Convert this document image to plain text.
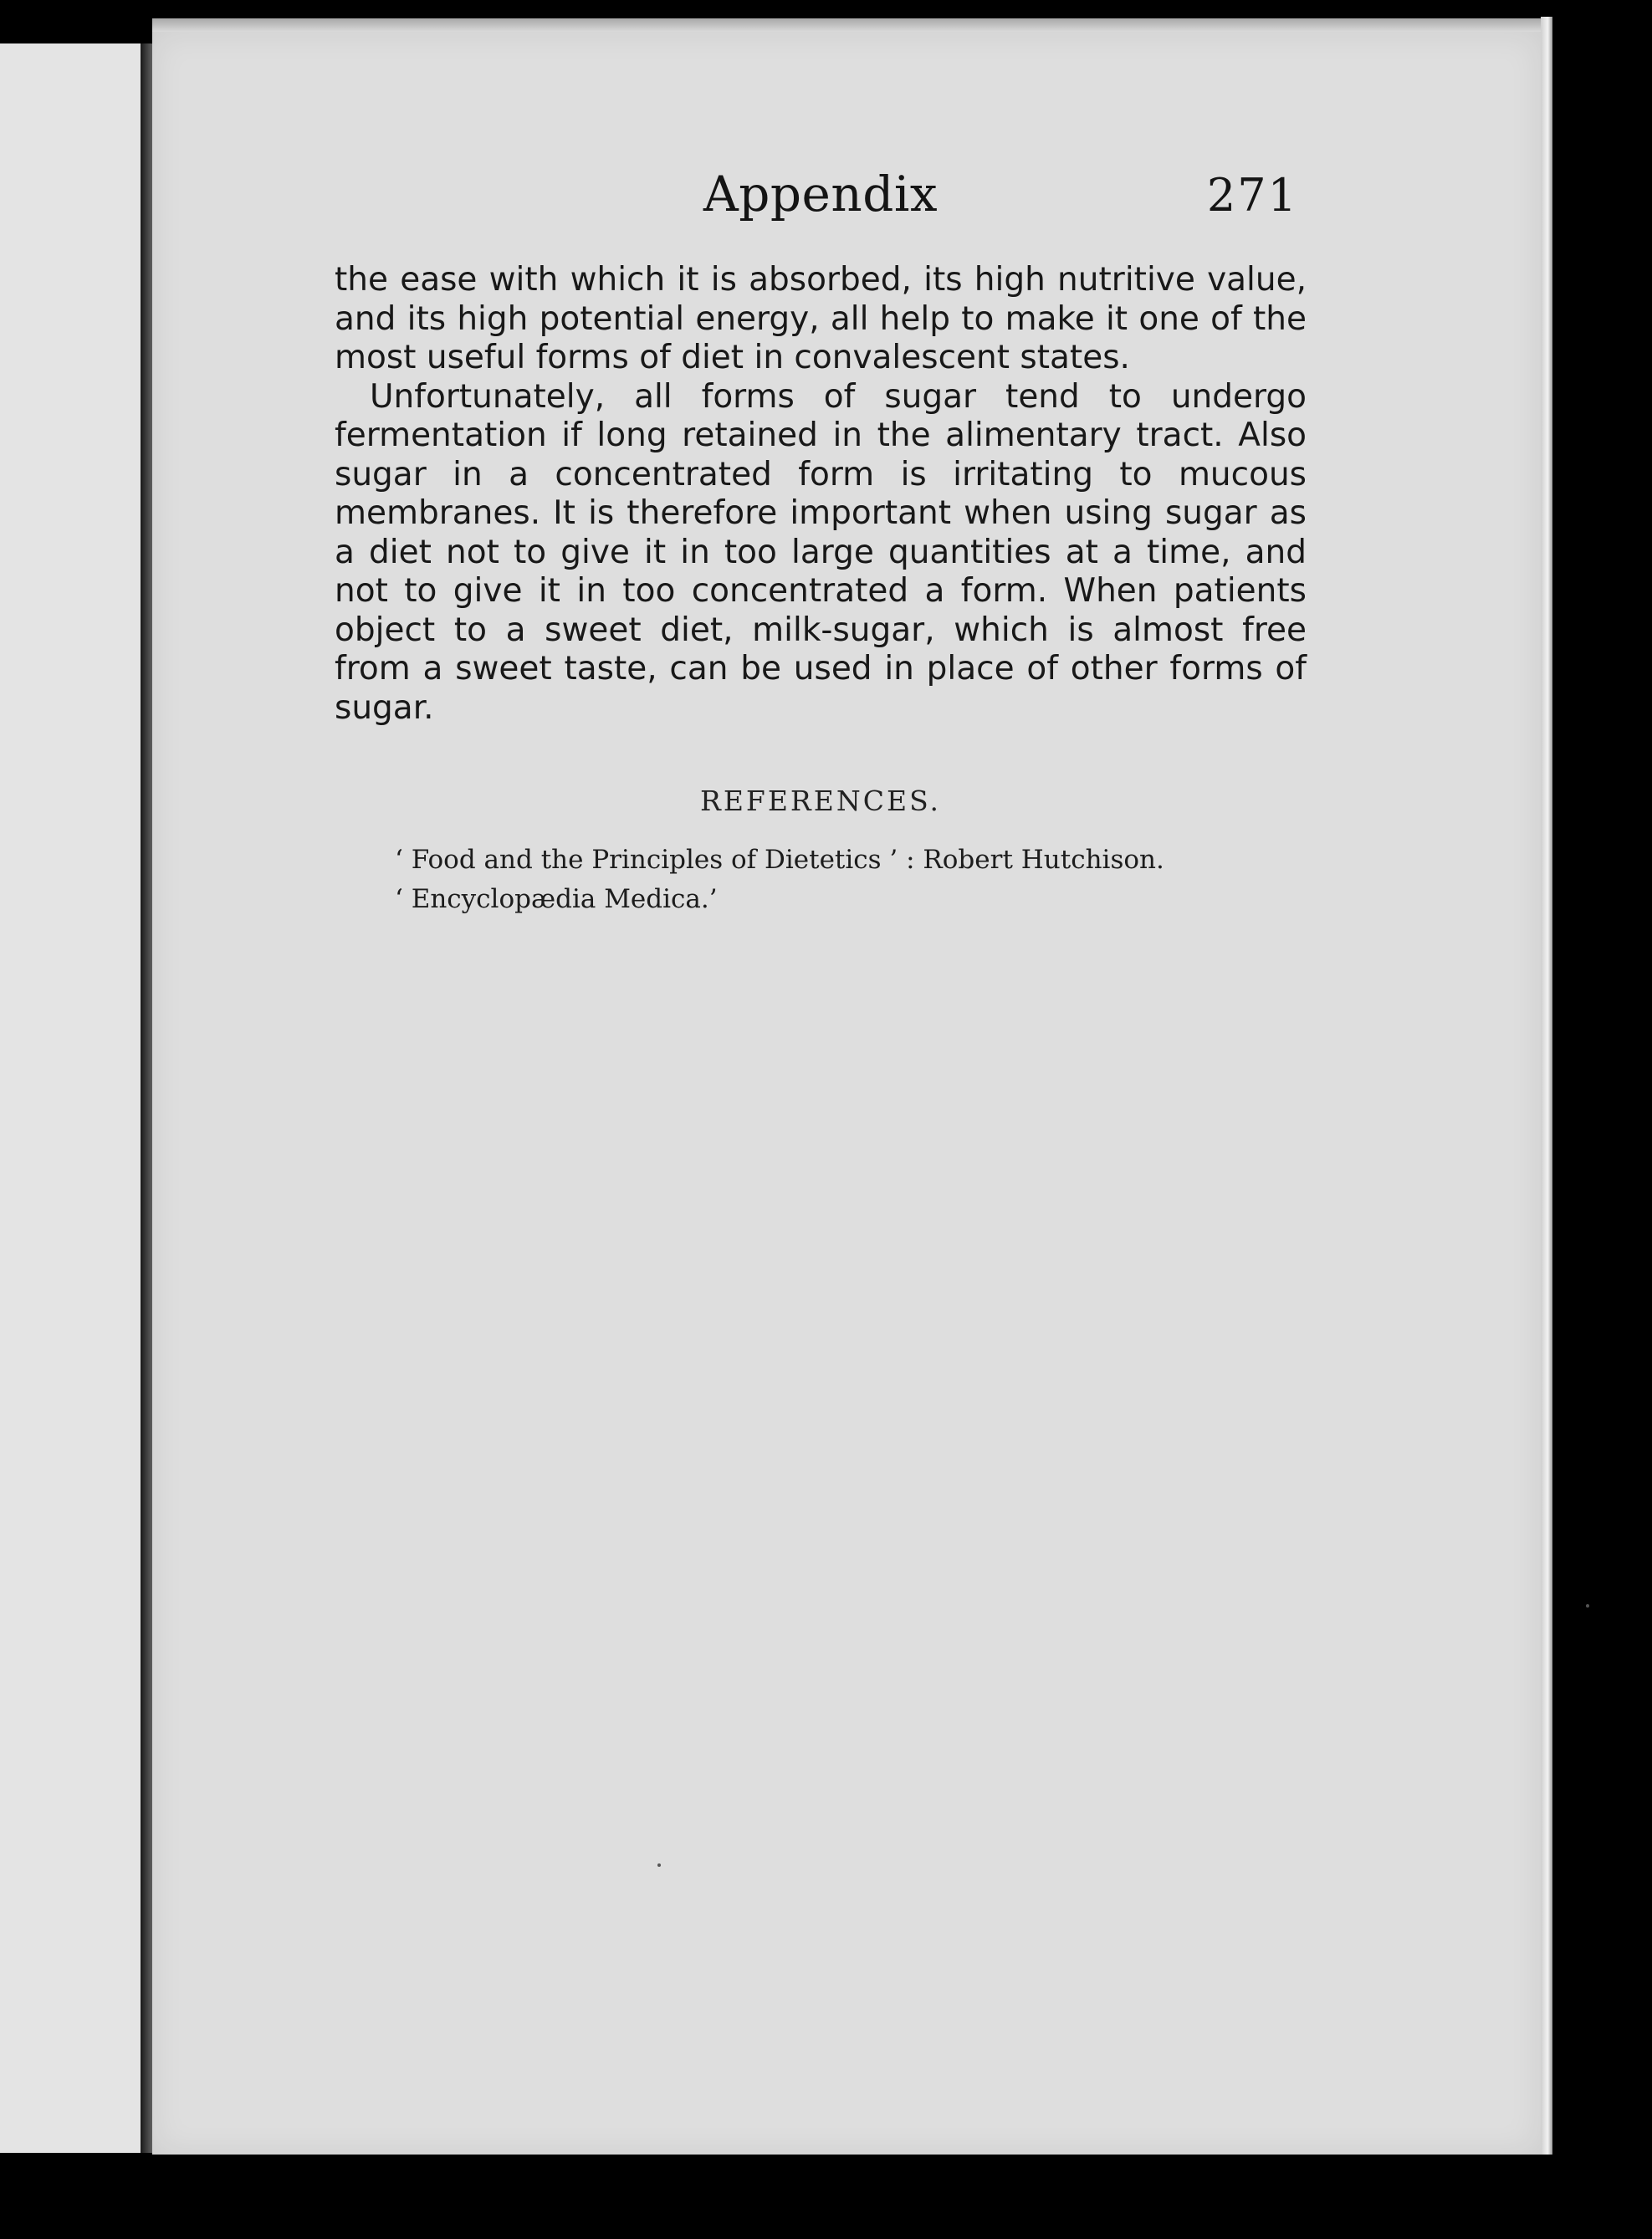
Appendix	271

the ease with which it is absorbed, its high nutritive value, and its high potential energy, all help to make it one of the most useful forms of diet in convalescent states.

Unfortunately, all forms of sugar tend to undergo fermentation if long retained in the alimentary tract. Also sugar in a concentrated form is irritating to mucous membranes. It is therefore important when using sugar as a diet not to give it in too large quantities at a time, and not to give it in too concentrated a form. When patients object to a sweet diet, milk-sugar, which is almost free from a sweet taste, can be used in place of other forms of sugar.

REFERENCES.
‘ Food and the Principles of Dietetics ’ : Robert Hutchison.
‘ Encyclopædia Medica.’
